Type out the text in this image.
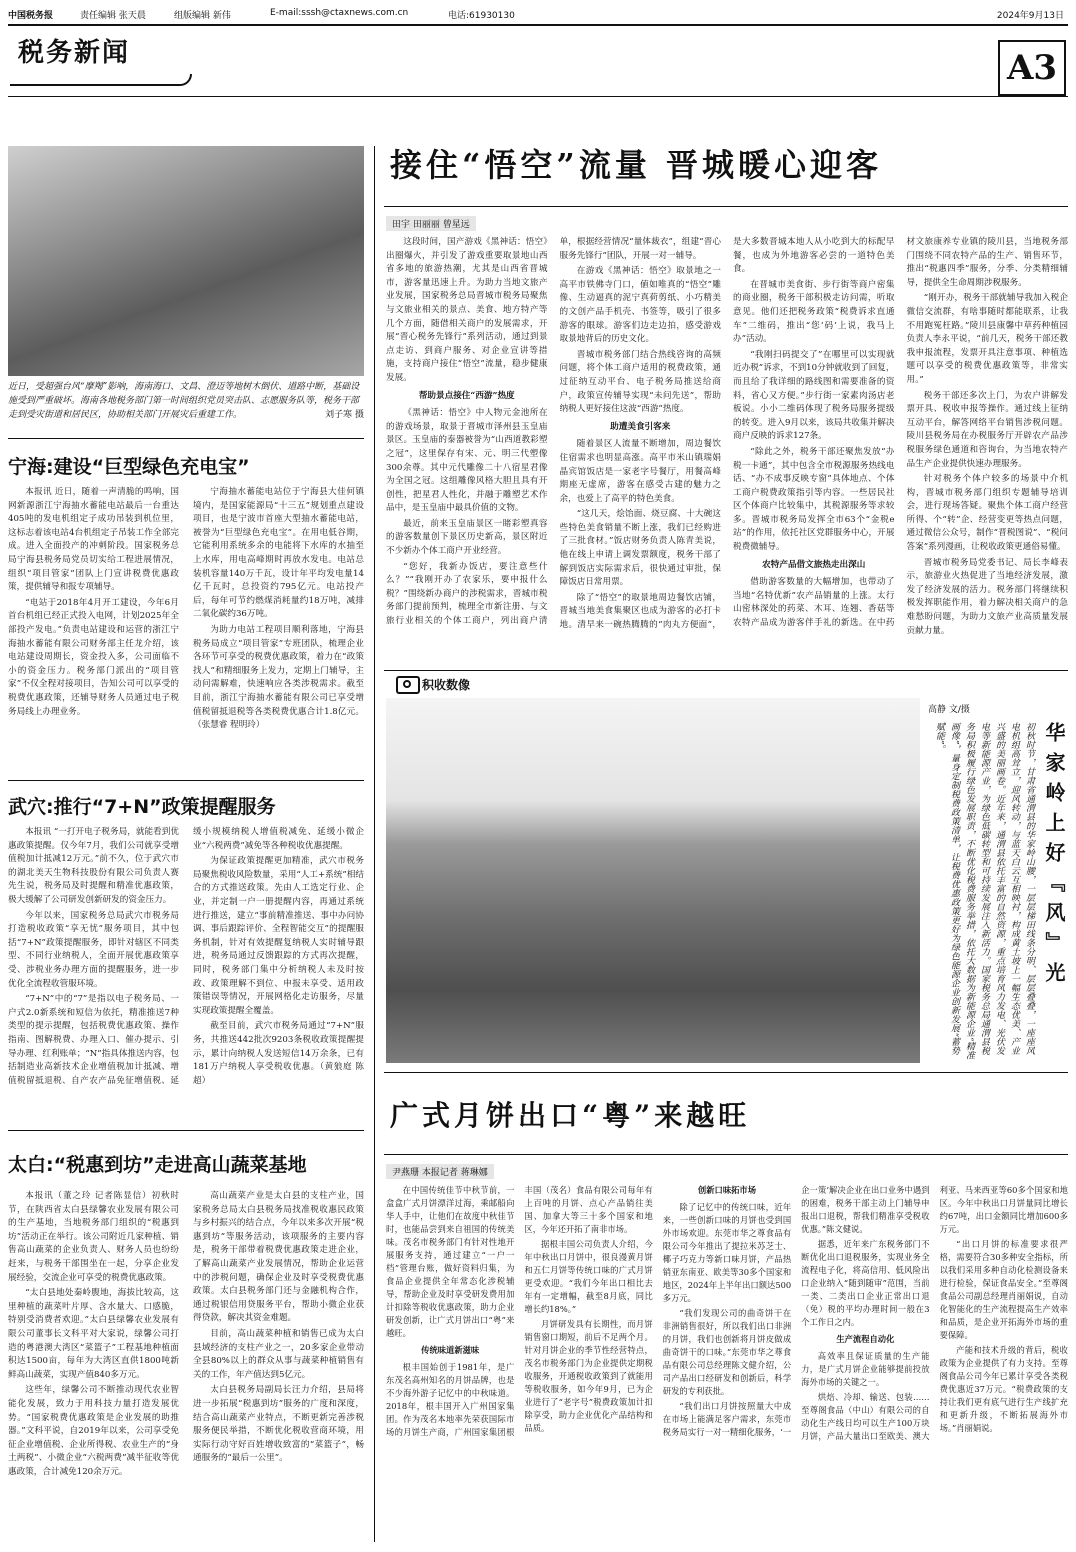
中国税务报	责任编辑 张天晨	组版编辑 新伟	E-mail:sssh@ctaxnews.com.cn	电话:61930130	2024年9月13日
税务新闻	A3
近日，受超强台风“摩羯”影响，海南海口、文昌、澄迈等地树木倒伏、道路中断，基础设施受到严重破坏。海南各地税务部门第一时间组织党员突击队、志愿服务队等，税务干部走到受灾街道和居民区，协助相关部门开展灾后重建工作。	刘子寒 摄
宁海:建设“巨型绿色充电宝”

本报讯 近日，随着一声清脆的鸣响，国网新源浙江宁海抽水蓄能电站最后一台重达405吨的发电机组定子成功吊装到机位里，这标志着该电站4台机组定子吊装工作全部完成。进入全面投产的冲刺阶段。国家税务总局宁海县税务局党员切实给工程进展情况，组织“项目管家”团队上门宣讲税费优惠政策，提供辅导和报专项辅导。

“电站于2018年4月开工建设，今年6月首台机组已经正式投入电网，计划2025年全部投产发电。”负责电站建设和运营的浙江宁海抽水蓄能有限公司财务部主任龙介绍，该电站建设周期长，资金投入多，公司面临不小的资金压力。税务部门派出的“项目管家”不仅全程对接项目，告知公司可以享受的税费优惠政策，还辅导财务人员通过电子税务局线上办理业务。

宁海抽水蓄能电站位于宁海县大佳何镇境内，是国家能源局“十三五”规划重点建设项目，也是宁波市首座大型抽水蓄能电站，被誉为“巨型绿色充电宝”。在用电低谷期，它能利用系统多余的电能将下水库的水抽至上水库，用电高峰期时再放水发电。电站总装机容量140万千瓦，设计年平均发电量14亿千瓦时，总投资约795亿元。电站投产后，每年可节约燃煤消耗量约18万吨，减排二氧化碳约36万吨。

为助力电站工程项目顺利落地，宁海县税务局成立“项目管家”专班团队，梳理企业各环节可享受的税费优惠政策，着力在“政策找人”和精细服务上发力，定期上门辅导，主动问需解难，快速响应各类涉税需求。截至目前，浙江宁海抽水蓄能有限公司已享受增值税留抵退税等各类税费优惠合计1.8亿元。（张慧睿 程明玲）

武穴:推行“7+N”政策提醒服务

本报讯 “一打开电子税务局，就能看到优惠政策提醒。仅今年7月，我们公司就享受增值税加计抵减12万元。”前不久，位于武穴市的湖北美天生物科技股份有限公司负责人赛先生说，税务局及时提醒和精准优惠政策，极大缓解了公司研发创新研发的资金压力。

今年以来，国家税务总局武穴市税务局打造税收政策“享无忧”服务项目，其中包括“7+N”政策提醒服务，即针对辖区不同类型、不同行业纳税人，全面开展优惠政策享受、涉税业务办理方面的提醒服务，进一步优化全流程收管服环境。

“7+N”中的“7”是指以电子税务局、一户式2.0新系统和短信为依托，精准推送7种类型的提示提醒，包括税费优惠政策、操作指南、图解税费、办理入口、催办提示、引导办理、红利账单；“N”指具体推送内容，包括制造业高新技术企业增值税加计抵减、增值税留抵退税、自产农产品免征增值税、延缓小规模纳税人增值税减免、延缓小微企业“六税两费”减免等各种税收优惠提醒。

为保证政策提醒更加精准，武穴市税务局聚焦税收风险数量，采用“人工+系统”相结合的方式推送政策。先由人工选定行业、企业，并定制一户一册提醒内容，再通过系统进行推送，建立“事前精准推送、事中办问协调、事后跟踪评价、全程智能交互”的提醒服务机制，针对有效提醒复纳税人实时辅导跟进，税务局通过反馈跟踪的方式再次提醒，同时，税务部门集中分析纳税人未及时按政、政策理解不到位、申报未享受、适用政策错误等情况，开展网格化走访服务，尽量实现政策提醒全覆盖。

截至目前，武穴市税务局通过“7+N”服务，共推送442批次9203条税收政策提醒提示，累计向纳税人发送短信14万余条，已有181万户纳税人享受税收优惠。（黄狼庭 陈超）

太白:“税惠到坊”走进高山蔬菜基地

本报讯（董之玲 记者陈显信）初秋时节，在陕西省太白县绿馨农业发展有限公司的生产基地，当地税务部门组织的“税惠到坊”活动正在举行。该公司附近几家种植、销售高山蔬菜的企业负责人、财务人员也纷纷赶来，与税务干部围坐在一起，分享企业发展经验，交流企业可享受的税费优惠政策。

“太白县地处秦岭腹地，海拔比较高，这里种植的蔬菜叶片厚、含水量大、口感脆，特别受消费者欢迎。”太白县绿馨农业发展有限公司董事长文科平对大家说，绿馨公司打造的粤港澳大湾区“菜篮子”工程基地种植面积达1500亩，每年为大湾区直供1800吨新鲜高山蔬菜，实现产值840多万元。

这些年，绿馨公司不断推动现代农业智能化发展，致力于用科技力量打造发展优势。“国家税费优惠政策是企业发展的助推器。”文科平说，自2019年以来，公司享受免征企业增值税、企业所得税、农业生产的“身土两税”、小微企业“六税两费”减半征收等优惠政策，合计减免120余万元。

高山蔬菜产业是太白县的支柱产业，国家税务总局太白县税务局找准税收惠民政策与乡村振兴的结合点，今年以来多次开展“税惠到坊”等服务活动，该项服务的主要内容是，税务干部带着税费优惠政策走进企业，了解高山蔬菜产业发展情况，帮助企业运营中的涉税问题，确保企业及时享受税费优惠政策。太白县税务部门还与金融机构合作，通过税银信用贷服务平台，帮助小微企业获得贷款，解决其资金难题。

目前，高山蔬菜种植和销售已成为太白县域经济的支柱产业之一，20多家企业带动全县80%以上的群众从事与蔬菜种植销售有关的工作，年产值达到5亿元。

太白县税务局副局长汪力介绍，县局将进一步拓展“税惠到坊”服务的广度和深度，结合高山蔬菜产业特点，不断更新完善涉税服务便民举措，不断优化税收营商环境，用实际行动守好百姓增收致富的“菜篮子”，畅通服务的“最后一公里”。

接住“悟空”流量 晋城暖心迎客
田宇 田丽丽 曾星远

这段时间，国产游戏《黑神话：悟空》出圈爆火，并引发了游戏重要取景地山西省多地的旅游热潮，尤其是山西省晋城市，游客量迅速上升。为助力当地文旅产业发展，国家税务总局晋城市税务局聚焦与文旅业相关的景点、美食、地方特产等几个方面，随借相关商户的发展需求，开展“晋心税务先锋行”系列活动，通过到景点走访、到商户服务、对企业宣讲等措施，支持商户接住“悟空”流量，稳步健康发展。

帮助景点接住“西游”热度

《黑神话：悟空》中人物元金池所在的游戏场景，取景于晋城市泽州县玉皇庙景区。玉皇庙的泰器被誉为“山西道教彩塑之冠”，这里保存有宋、元、明三代塑像300余尊。其中元代雕像二十八宿星君像为全国之冠。这组雕像风格大胆且具有开创性，把星君人性化，并融于雕塑艺术作品中，是玉皇庙中最具价值的文物。

最近，前来玉皇庙景区一睹彩塑真容的游客数量创下景区历史新高，景区附近不少新办个体工商户开业经营。

“您好，我新办饭店，要注意些什么？”“我刚开办了农家乐，要申报什么税？”围绕新办商户的涉税需求，晋城市税务部门提前预判，梳理全市新注册、与文旅行业相关的个体工商户，列出商户清单，根据经营情况“量体裁衣”，组建“晋心服务先锋行”团队，开展一对一辅导。

在游戏《黑神话：悟空》取景地之一高平市铁佛寺门口，値如唯真的“悟空”雕像、生动逼真的泥宁真荷剪纸、小巧精美的文创产品手机壳、书签等，吸引了很多游客的眼球。游客们边走边拍，感受游戏取景地背后的历史文化。

晋城市税务部门结合热线咨询的高频问题，将个体工商户适用的税费政策，通过征纳互动平台、电子税务局推送给商户，政策宣传辅导实现“未问先送”，帮助纳税人更好接住这波“西游”热度。

助遭美食引客来

随着景区人流量不断增加，周边餐饮住宿需求也明显高涨。高平市米山镇瑞娟晶宾馆饭店是一家老字号餐厅，用餐高峰期座无虚席，游客在感受古建的魅力之余，也爱上了高平的特色美食。

“这几天，烩饴面、烧豆腐、十大碗这些特色美食销量不断上涨，我们已经购进了三批食材。”饭店财务负责人陈青美说，他在线上申请上调发票额度，税务干部了解到饭店实际需求后，很快通过审批，保障饭店日常用票。

除了“悟空”的取景地周边餐饮店铺，晋城当地美食集聚区也成为游客的必打卡地。清早来一碗热腾腾的“肉丸方便面”，是大多数晋城本地人从小吃到大的标配早餐，也成为外地游客必尝的一道特色美食。

在晋城市美食街、步行街等商户密集的商业圈，税务干部积极走访问需，听取意见。他们还把税务政策“税费诉求直通车”二维码，推出“您‘码’上说，我马上办”活动。

“我刚扫码提交了”在哪里可以实现就近办税”诉求，不到10分钟就收到了回复，而且给了我详细的路线图和需要准备的资料，省心又方便。”步行街一家素肉汤店老板说。小小二维码体现了税务局服务提级的转变。进入9月以来，该局共收集并解决商户反映的诉求127条。

“除此之外，税务干部还聚焦发放“办税一卡通”，其中包含全市税源服务热线电话、“办不成事反映专窗”具体地点、个体工商户税费政策指引等内容。一些居民社区个体商户比较集中，其税源服务等求较多。晋城市税务局发挥全市63个“金税e站”的作用，依托社区党群服务中心，开展税费微辅导。

农特产品借文旅热走出深山

借助游客数量的大幅增加，也带动了当地“名特优新”农产品销量的上涨。太行山密林深处的药菜、木耳、连翘、香菇等农特产品成为游客伴手礼的新选。在中药材文旅康养专业镇的陵川县，当地税务部门围绕不同农特产品的生产、销售环节，推出“税惠四季”服务，分季、分类精细辅导，提供全生命周期涉税服务。

“刚开办，税务干部就辅导我加入税企微信交流群，有啥事随时都能联系，让我不用跑冤枉路。”陵川县康馨中草药种植园负责人李永平说，“前几天，税务干部还教我申报流程，发票开具注意事项、种植选题可以享受的税费优惠政策等，非常实用。”

税务干部还多次上门，为农户讲解发票开具、税收申报等操作。通过线上征纳互动平台，解答网络平台销售涉税问题。陵川县税务局在办税服务厅开辟农产品涉税服务绿色通道和咨询台，为当地农特产品生产企业提供快速办理服务。

针对税务个体户较多的场景中介机构，晋城市税务部门组织专题辅导培训会，进行现场答疑。聚焦个体工商户经营所得、个“转”企、经营变更等热点问题，通过微信公众号，制作“晋税图说”、“税问答案”系列漫画，让税收政策更通俗易懂。

晋城市税务局党委书记、局长李峰表示，旅游业火热促进了当地经济发展，激发了经济发展的活力。税务部门将继续积极发挥职能作用，着力解决相关商户的急难愁盼问题，为助力文旅产业高质量发展贡献力量。

积收数像
高静 文/摄
华家岭上好『风』光
初秋时节，甘肃省通渭县的华家岭山腰，一层层梯田线条分明、层层叠叠，一座座风电机组高耸立，迎风转动，与蓝天白云互相映衬，构成黄土坡上一幅生态优美、产业兴盛的美丽画卷。近年来，通渭县依托丰富的自然资源，重点培育风力发电、光伏发电等新能源产业，为绿色低碳转型和可持续发展注入新活力。国家税务总局通渭县税务局积极履行绿色发展职责，不断优化税费服务举措，依托大数据为新能源企业“精准画像”，量身定制税费政策清单，让税费优惠政策更好为绿色能源企业创新发展“蓄势赋能”。
广式月饼出口“粤”来越旺
尹燕珊 本报记者 蒋琳娜

在中国传统佳节中秋节前，一盒盒广式月饼漂洋过海，乘邮船向华人手中，让他们在故度中秋佳节时，也能品尝到来自祖国的传统美味。茂名市税务部门有针对性地开展服务支持，通过建立“一户一档”管理台账，做好资料归集，为食品企业提供全年常态化涉税辅导，帮助企业及时享受研发费用加计扣除等税收优惠政策，助力企业研发创新，让广式月饼出口“粤”来越旺。

传统味道新滋味

根丰国始创于1981年，是广东茂名高州知名的月饼品牌，也是不少海外游子记忆中的中秋味道。2018年，根丰国开入广州国家集团。作为茂名本地率先荣获国际市场的月饼生产商，广州国家集团根丰国（茂名）食品有限公司每年有上百吨的月饼、点心产品销往美国、加拿大等三十多个国家和地区，今年还开拓了南非市场。

据根丰国公司负责人介绍，今年中秋出口月饼中，很良漫黄月饼和五仁月饼等传统口味的广式月饼更受欢迎。“我们今年出口相比去年有一定增幅，截至8月底，同比增长约18%。”

月饼研发具有长期性，而月饼销售窗口期短，前后不足两个月。针对月饼企业的季节性经营特点，茂名市税务部门为企业提供定期税收服务，开通税收政策到了就能用等税收服务，如今年9月，已为企业进行了“老字号”税费政策加计扣除享受，助力企业优化产品结构和品质。

创新口味拓市场

除了记忆中的传统口味，近年来，一些创新口味的月饼也受到国外市场欢迎。东莞市华之尊食品有限公司今年推出了提拉米苏芝士、椰子巧克力等新口味月饼，产品热销亚东南亚、欧美等30多个国家和地区，2024年上半年出口额达500多万元。

“我们发现公司的曲奇饼干在非洲销售很好，所以我们出口非洲的月饼，我们也创新将月饼皮做成曲奇饼干的口味。”东莞市华之尊食品有限公司总经理陈文健介绍，公司产品出口经研发和创新后，科学研发的专利获批。

“我们出口月饼按照量大中成在市场上能满足客户需求，东莞市税务局实行一对一精细化服务，‘一企一策’解决企业在出口业务中遇到的困难，税务干部主动上门辅导申报出口退税，帮我们精准享受税收优惠。”陈文健说。

据悉，近年来广东税务部门不断优化出口退税服务，实现业务全流程电子化，将高信用、低风险出口企业纳入“随到随审”范围，当前一类、二类出口企业正常出口退（免）税的平均办理时间一般在3个工作日之内。

生产流程自动化

高效率且保证质量的生产能力，是广式月饼企业能够提前投放海外市场的关键之一。

烘焙、冷却、输送、包装……至尊阁食品（中山）有限公司的自动化生产线日均可以生产100万块月饼，产品大量出口至欧美、澳大利亚、马来西亚等60多个国家和地区。今年中秋出口月饼量同比增长约67吨，出口金额同比增加600多万元。

“出口月饼的标准要求很严格，需要符合30多种安全指标，所以我们采用多种自动化检测设备来进行检验，保证食品安全。”至尊阁食品公司副总经理肖丽娟说，自动化智能化的生产流程提高生产效率和品质，是企业开拓海外市场的重要保障。

产能和技术升级的背后，税收政策为企业提供了有力支持。至尊阁食品公司今年已累计享受各类税费优惠近37万元。“税费政策的支持让我们更有底气进行生产线扩充和更新升级，不断拓展海外市场。”肖丽娟说。
